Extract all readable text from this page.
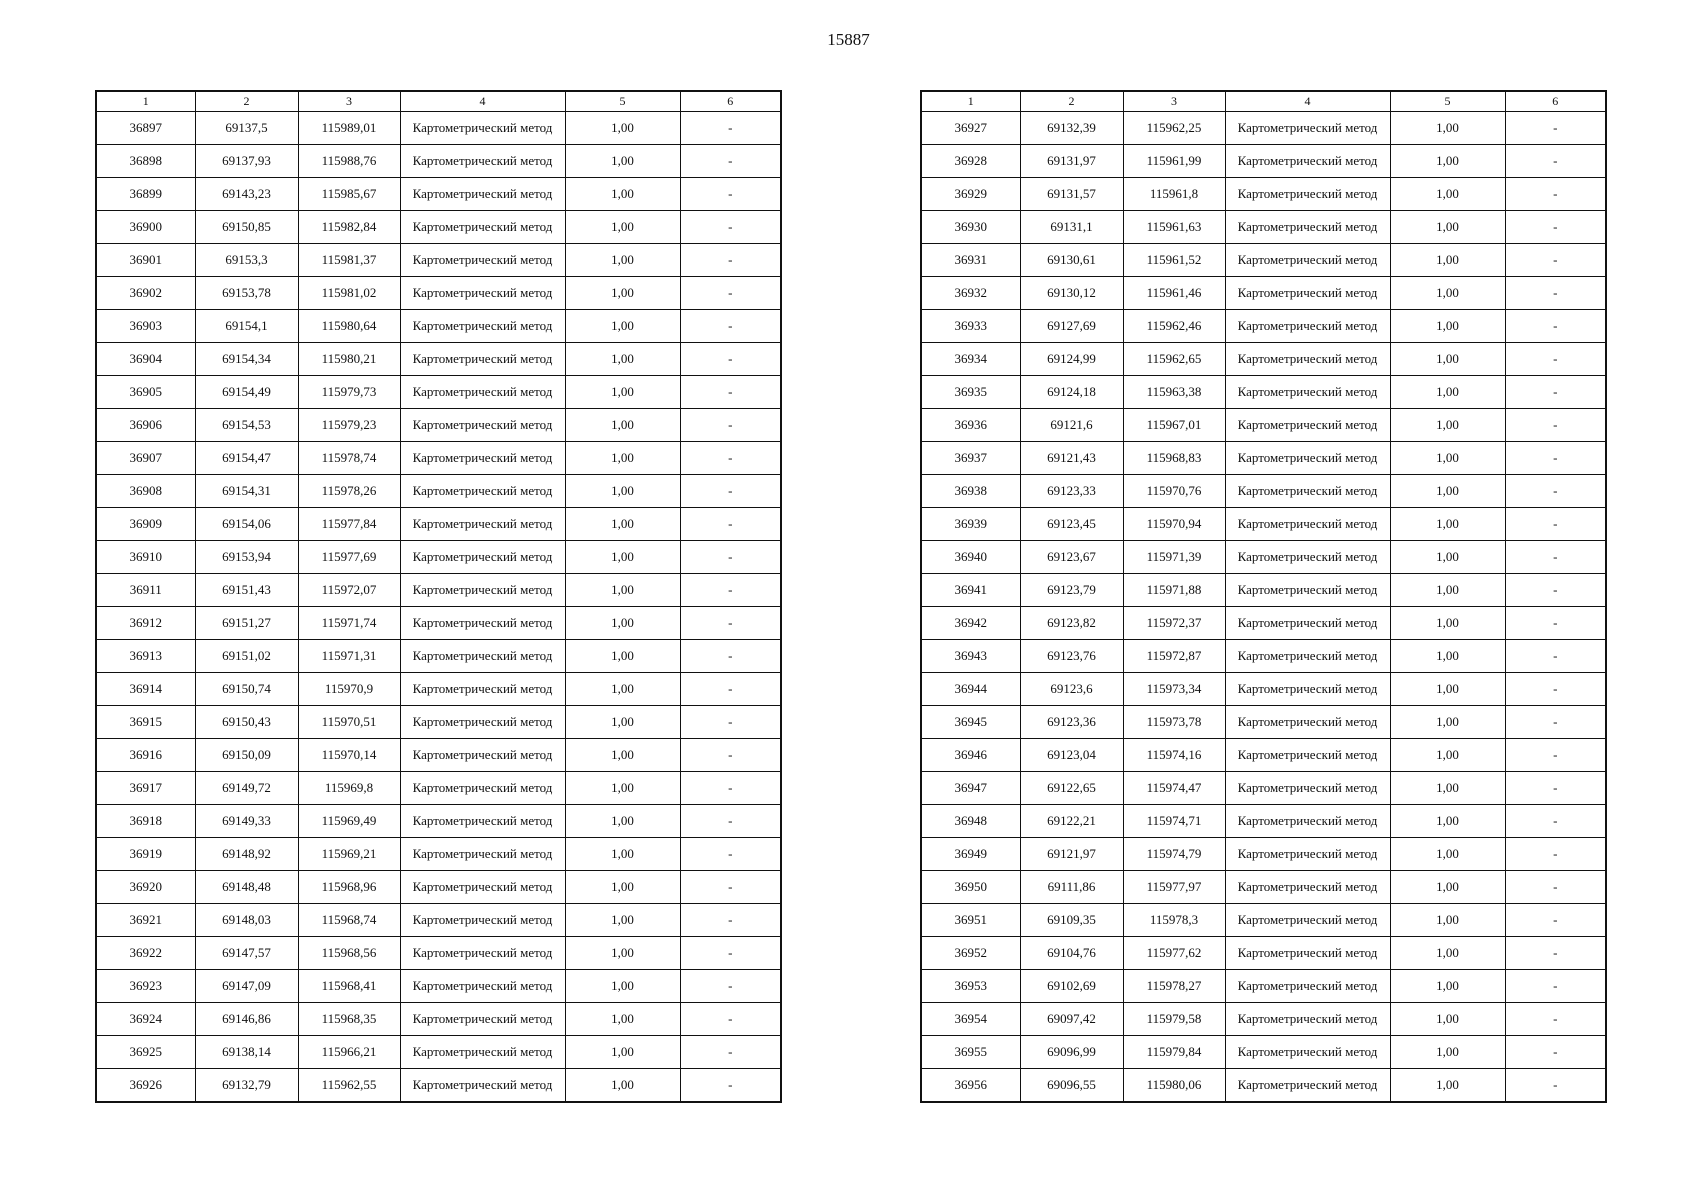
15887
1	2	3	4	5	6
36897	69137,5	115989,01	Картометрический метод	1,00	-
36898	69137,93	115988,76	Картометрический метод	1,00	-
36899	69143,23	115985,67	Картометрический метод	1,00	-
36900	69150,85	115982,84	Картометрический метод	1,00	-
36901	69153,3	115981,37	Картометрический метод	1,00	-
36902	69153,78	115981,02	Картометрический метод	1,00	-
36903	69154,1	115980,64	Картометрический метод	1,00	-
36904	69154,34	115980,21	Картометрический метод	1,00	-
36905	69154,49	115979,73	Картометрический метод	1,00	-
36906	69154,53	115979,23	Картометрический метод	1,00	-
36907	69154,47	115978,74	Картометрический метод	1,00	-
36908	69154,31	115978,26	Картометрический метод	1,00	-
36909	69154,06	115977,84	Картометрический метод	1,00	-
36910	69153,94	115977,69	Картометрический метод	1,00	-
36911	69151,43	115972,07	Картометрический метод	1,00	-
36912	69151,27	115971,74	Картометрический метод	1,00	-
36913	69151,02	115971,31	Картометрический метод	1,00	-
36914	69150,74	115970,9	Картометрический метод	1,00	-
36915	69150,43	115970,51	Картометрический метод	1,00	-
36916	69150,09	115970,14	Картометрический метод	1,00	-
36917	69149,72	115969,8	Картометрический метод	1,00	-
36918	69149,33	115969,49	Картометрический метод	1,00	-
36919	69148,92	115969,21	Картометрический метод	1,00	-
36920	69148,48	115968,96	Картометрический метод	1,00	-
36921	69148,03	115968,74	Картометрический метод	1,00	-
36922	69147,57	115968,56	Картометрический метод	1,00	-
36923	69147,09	115968,41	Картометрический метод	1,00	-
36924	69146,86	115968,35	Картометрический метод	1,00	-
36925	69138,14	115966,21	Картометрический метод	1,00	-
36926	69132,79	115962,55	Картометрический метод	1,00	-
1	2	3	4	5	6
36927	69132,39	115962,25	Картометрический метод	1,00	-
36928	69131,97	115961,99	Картометрический метод	1,00	-
36929	69131,57	115961,8	Картометрический метод	1,00	-
36930	69131,1	115961,63	Картометрический метод	1,00	-
36931	69130,61	115961,52	Картометрический метод	1,00	-
36932	69130,12	115961,46	Картометрический метод	1,00	-
36933	69127,69	115962,46	Картометрический метод	1,00	-
36934	69124,99	115962,65	Картометрический метод	1,00	-
36935	69124,18	115963,38	Картометрический метод	1,00	-
36936	69121,6	115967,01	Картометрический метод	1,00	-
36937	69121,43	115968,83	Картометрический метод	1,00	-
36938	69123,33	115970,76	Картометрический метод	1,00	-
36939	69123,45	115970,94	Картометрический метод	1,00	-
36940	69123,67	115971,39	Картометрический метод	1,00	-
36941	69123,79	115971,88	Картометрический метод	1,00	-
36942	69123,82	115972,37	Картометрический метод	1,00	-
36943	69123,76	115972,87	Картометрический метод	1,00	-
36944	69123,6	115973,34	Картометрический метод	1,00	-
36945	69123,36	115973,78	Картометрический метод	1,00	-
36946	69123,04	115974,16	Картометрический метод	1,00	-
36947	69122,65	115974,47	Картометрический метод	1,00	-
36948	69122,21	115974,71	Картометрический метод	1,00	-
36949	69121,97	115974,79	Картометрический метод	1,00	-
36950	69111,86	115977,97	Картометрический метод	1,00	-
36951	69109,35	115978,3	Картометрический метод	1,00	-
36952	69104,76	115977,62	Картометрический метод	1,00	-
36953	69102,69	115978,27	Картометрический метод	1,00	-
36954	69097,42	115979,58	Картометрический метод	1,00	-
36955	69096,99	115979,84	Картометрический метод	1,00	-
36956	69096,55	115980,06	Картометрический метод	1,00	-
